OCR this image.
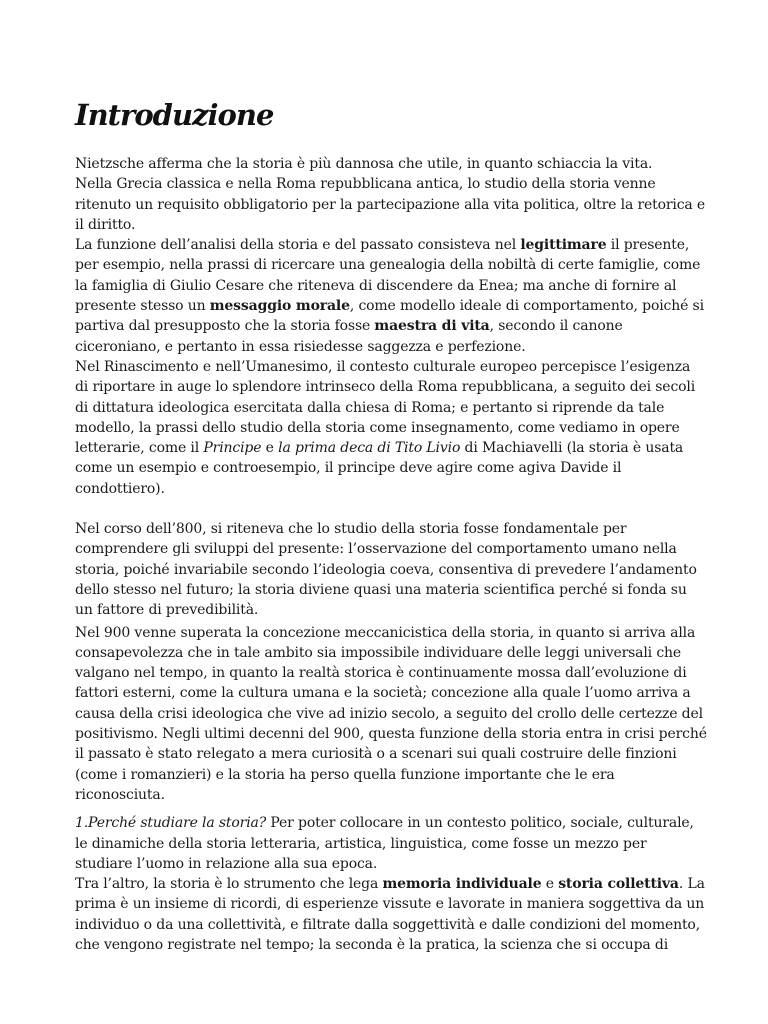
Introduzione

Nietzsche afferma che la storia è più dannosa che utile, in quanto schiaccia la vita.

Nella Grecia classica e nella Roma repubblicana antica, lo studio della storia venne ritenuto un requisito obbligatorio per la partecipazione alla vita politica, oltre la retorica e il diritto.

La funzione dell’analisi della storia e del passato consisteva nel legittimare il presente, per esempio, nella prassi di ricercare una genealogia della nobiltà di certe famiglie, come la famiglia di Giulio Cesare che riteneva di discendere da Enea; ma anche di fornire al presente stesso un messaggio morale, come modello ideale di comportamento, poiché si partiva dal presupposto che la storia fosse maestra di vita, secondo il canone ciceroniano, e pertanto in essa risiedesse saggezza e perfezione.

Nel Rinascimento e nell’Umanesimo, il contesto culturale europeo percepisce l’esigenza di riportare in auge lo splendore intrinseco della Roma repubblicana, a seguito dei secoli di dittatura ideologica esercitata dalla chiesa di Roma; e pertanto si riprende da tale modello, la prassi dello studio della storia come insegnamento, come vediamo in opere letterarie, come il Principe e la prima deca di Tito Livio di Machiavelli (la storia è usata come un esempio e controesempio, il principe deve agire come agiva Davide il condottiero).

Nel corso dell’800, si riteneva che lo studio della storia fosse fondamentale per comprendere gli sviluppi del presente: l’osservazione del comportamento umano nella storia, poiché invariabile secondo l’ideologia coeva, consentiva di prevedere l’andamento dello stesso nel futuro; la storia diviene quasi una materia scientifica perché si fonda su un fattore di prevedibilità.

Nel 900 venne superata la concezione meccanicistica della storia, in quanto si arriva alla consapevolezza che in tale ambito sia impossibile individuare delle leggi universali che valgano nel tempo, in quanto la realtà storica è continuamente mossa dall’evoluzione di fattori esterni, come la cultura umana e la società; concezione alla quale l’uomo arriva a causa della crisi ideologica che vive ad inizio secolo, a seguito del crollo delle certezze del positivismo. Negli ultimi decenni del 900, questa funzione della storia entra in crisi perché il passato è stato relegato a mera curiosità o a scenari sui quali costruire delle finzioni (come i romanzieri) e la storia ha perso quella funzione importante che le era riconosciuta.

1.Perché studiare la storia? Per poter collocare in un contesto politico, sociale, culturale, le dinamiche della storia letteraria, artistica, linguistica, come fosse un mezzo per studiare l’uomo in relazione alla sua epoca.

Tra l’altro, la storia è lo strumento che lega memoria individuale e storia collettiva. La prima è un insieme di ricordi, di esperienze vissute e lavorate in maniera soggettiva da un individuo o da una collettività, e filtrate dalla soggettività e dalle condizioni del momento, che vengono registrate nel tempo; la seconda è la pratica, la scienza che si occupa di
